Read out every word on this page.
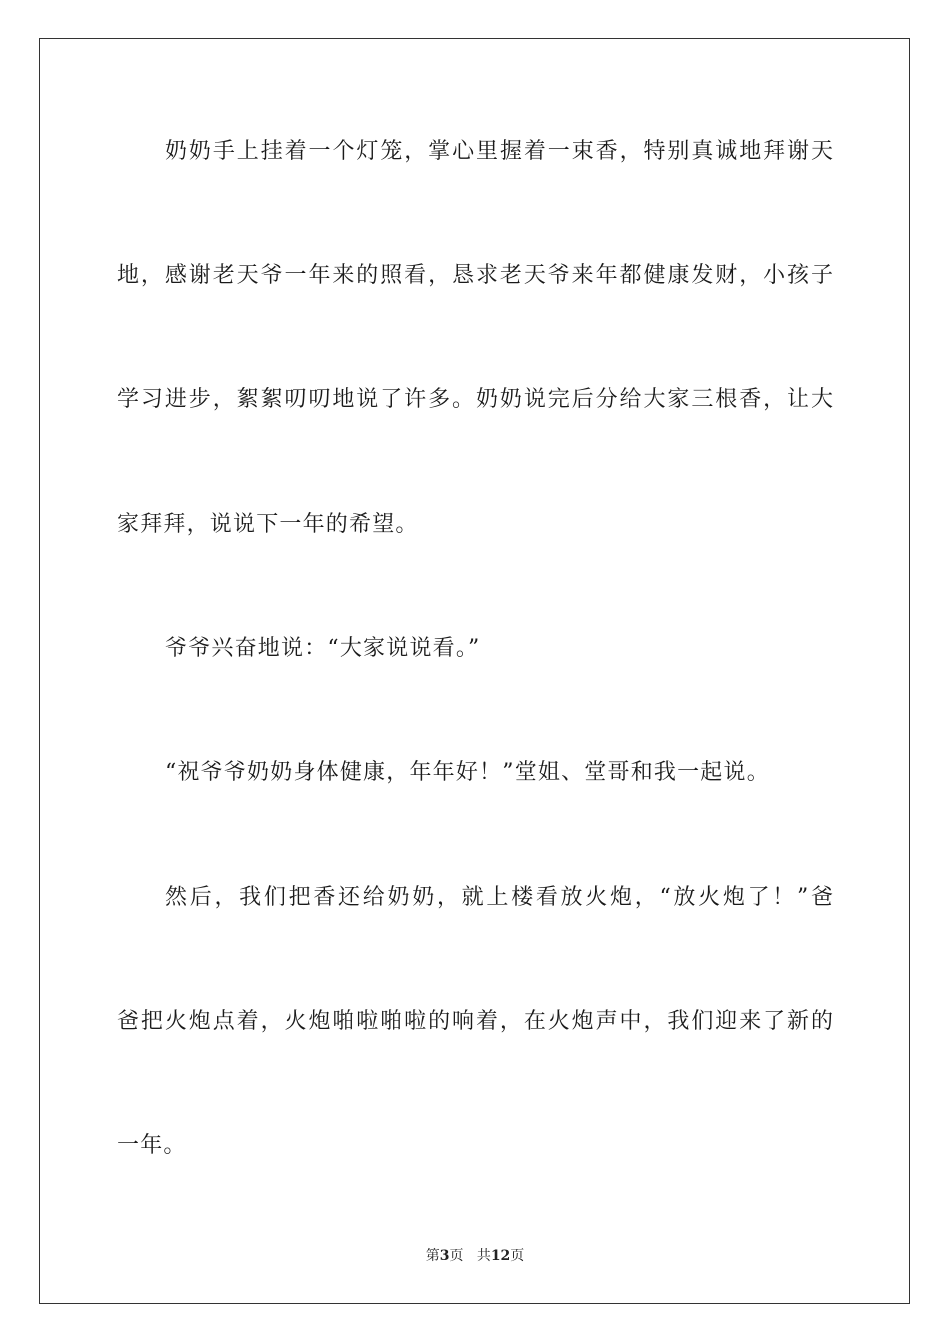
奶奶手上挂着一个灯笼，掌心里握着一束香，特别真诚地拜谢天
地，感谢老天爷一年来的照看，恳求老天爷来年都健康发财，小孩子
学习进步，絮絮叨叨地说了许多。奶奶说完后分给大家三根香，让大
家拜拜，说说下一年的希望。
爷爷兴奋地说：“大家说说看。”
“祝爷爷奶奶身体健康，年年好！”堂姐、堂哥和我一起说。
然后，我们把香还给奶奶，就上楼看放火炮，“放火炮了！”爸
爸把火炮点着，火炮啪啦啪啦的响着，在火炮声中，我们迎来了新的
一年。
第3页 共12页
